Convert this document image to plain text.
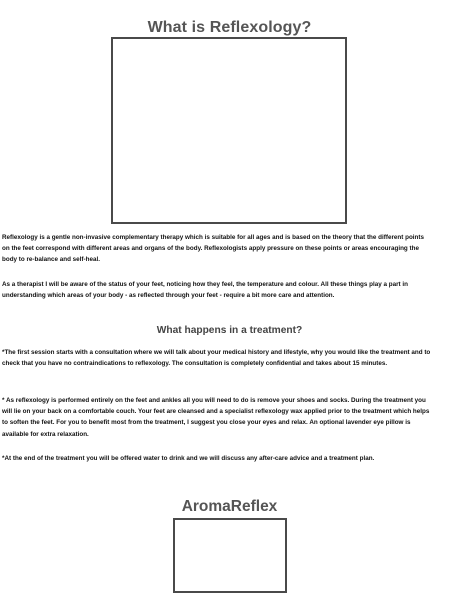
What is Reflexology?

Reflexology is a gentle non-invasive complementary therapy which is suitable for all ages and is based on the theory that the different points on the feet correspond with different areas and organs of the body. Reflexologists apply pressure on these points or areas encouraging the body to re-balance and self-heal.

As a therapist I will be aware of the status of your feet, noticing how they feel, the temperature and colour. All these things play a part in understanding which areas of your body - as reflected through your feet - require a bit more care and attention.

What happens in a treatment?

*The first session starts with a consultation where we will talk about your medical history and lifestyle, why you would like the treatment and to check that you have no contraindications to reflexology. The consultation is completely confidential and takes about 15 minutes.

* As reflexology is performed entirely on the feet and ankles all you will need to do is remove your shoes and socks. During the treatment you will lie on your back on a comfortable couch. Your feet are cleansed and a specialist reflexology wax applied prior to the treatment which helps to soften the feet. For you to benefit most from the treatment, I suggest you close your eyes and relax. An optional lavender eye pillow is available for extra relaxation.

*At the end of the treatment you will be offered water to drink and we will discuss any after-care advice and a treatment plan.

AromaReflex
